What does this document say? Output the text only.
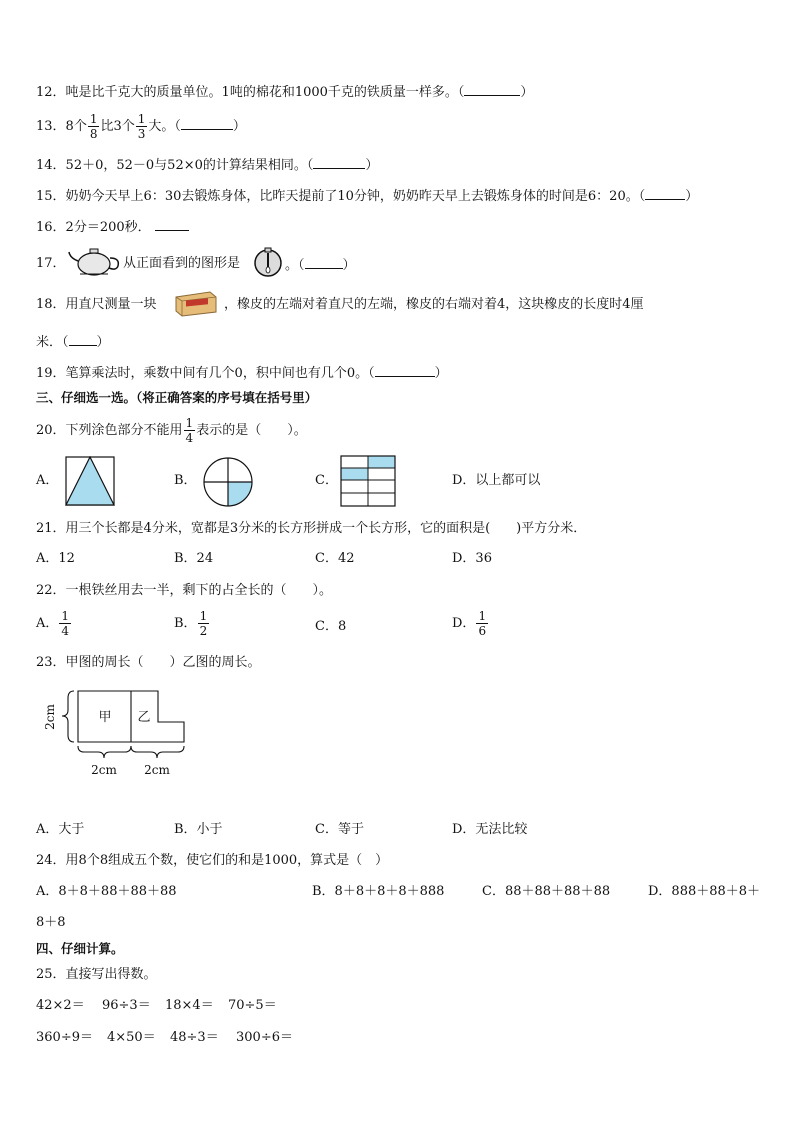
12．吨是比千克大的质量单位。1吨的棉花和1000千克的铁质量一样多。（	）
13．8个 $\frac{1}{8}$ 比3个 $\frac{1}{3}$ 大。（	）
14．52＋0，52－0与52×0的计算结果相同。（	）
15．奶奶今天早上6：30去锻炼身体，比昨天提前了10分钟，奶奶昨天早上去锻炼身体的时间是6：20。（	）
16．2分＝200秒．
17．	从正面看到的图形是	。（	）
18．用直尺测量一块	，橡皮的左端对着直尺的左端，橡皮的右端对着4，这块橡皮的长度时4厘
米．（ ）
19．笔算乘法时，乘数中间有几个0，积中间也有几个0。（	）
三、仔细选一选。（将正确答案的序号填在括号里）
20．下列涂色部分不能用 $\frac{1}{4}$ 表示的是（　　）。
A．	B．	C．	D．以上都可以
21．用三个长都是4分米，宽都是3分米的长方形拼成一个长方形，它的面积是(　　)平方分米．
A．12	B．24	C．42	D．36
22．一根铁丝用去一半，剩下的占全长的（　　）。
A． $\frac{1}{4}$	B． $\frac{1}{2}$	C．8	D． $\frac{1}{6}$
23．甲图的周长（　　）乙图的周长。
甲 乙
2cm
2cm 2cm
A．大于	B．小于	C．等于	D．无法比较
24．用8个8组成五个数，使它们的和是1000，算式是（　）
A．8＋8＋88＋88＋88	B．8＋8＋8＋8＋888	C．88＋88＋88＋88	D．888＋88＋8＋
8＋8
四、仔细计算。
25．直接写出得数。
42×2＝ 96÷3＝ 18×4＝ 70÷5＝
360÷9＝ 4×50＝ 48÷3＝ 300÷6＝
